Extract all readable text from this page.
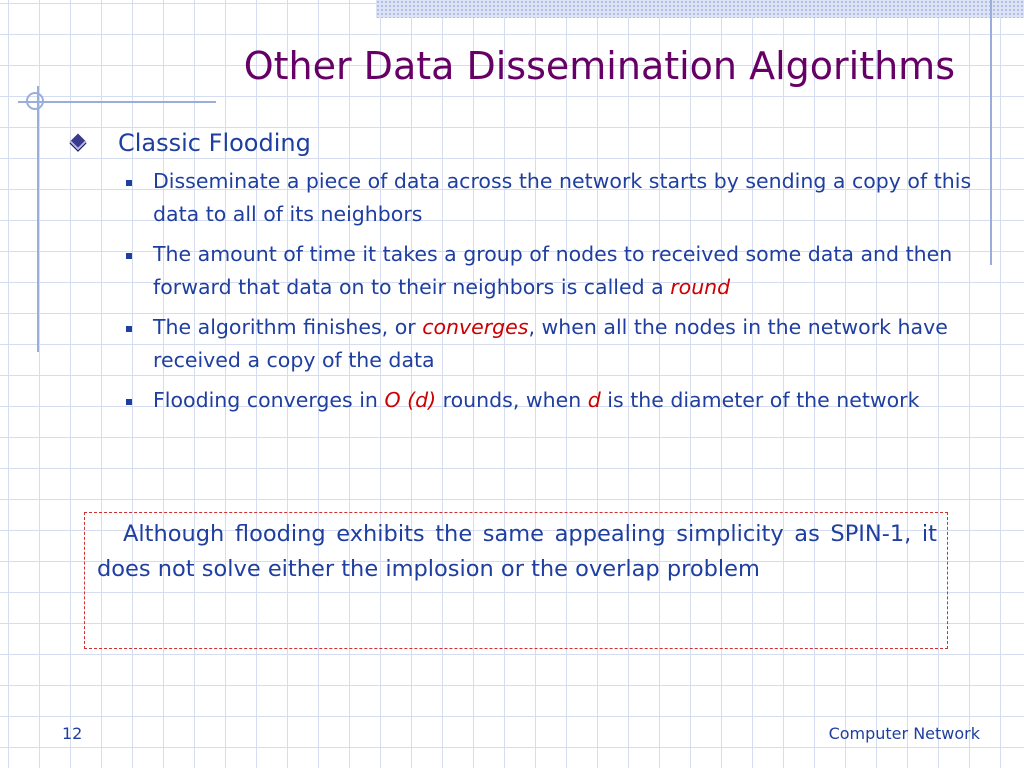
Other Data Dissemination Algorithms
Classic Flooding
Disseminate a piece of data across the network starts by sending a copy of this data to all of its neighbors
The amount of time it takes a group of nodes to received some data and then forward that data on to their neighbors is called a round
The algorithm finishes, or converges, when all the nodes in the network have received a copy of the data
Flooding converges in O (d) rounds, when d is the diameter of the network
Although flooding exhibits the same appealing simplicity as SPIN-1, it does not solve either the implosion or the overlap problem
12	Computer Network
